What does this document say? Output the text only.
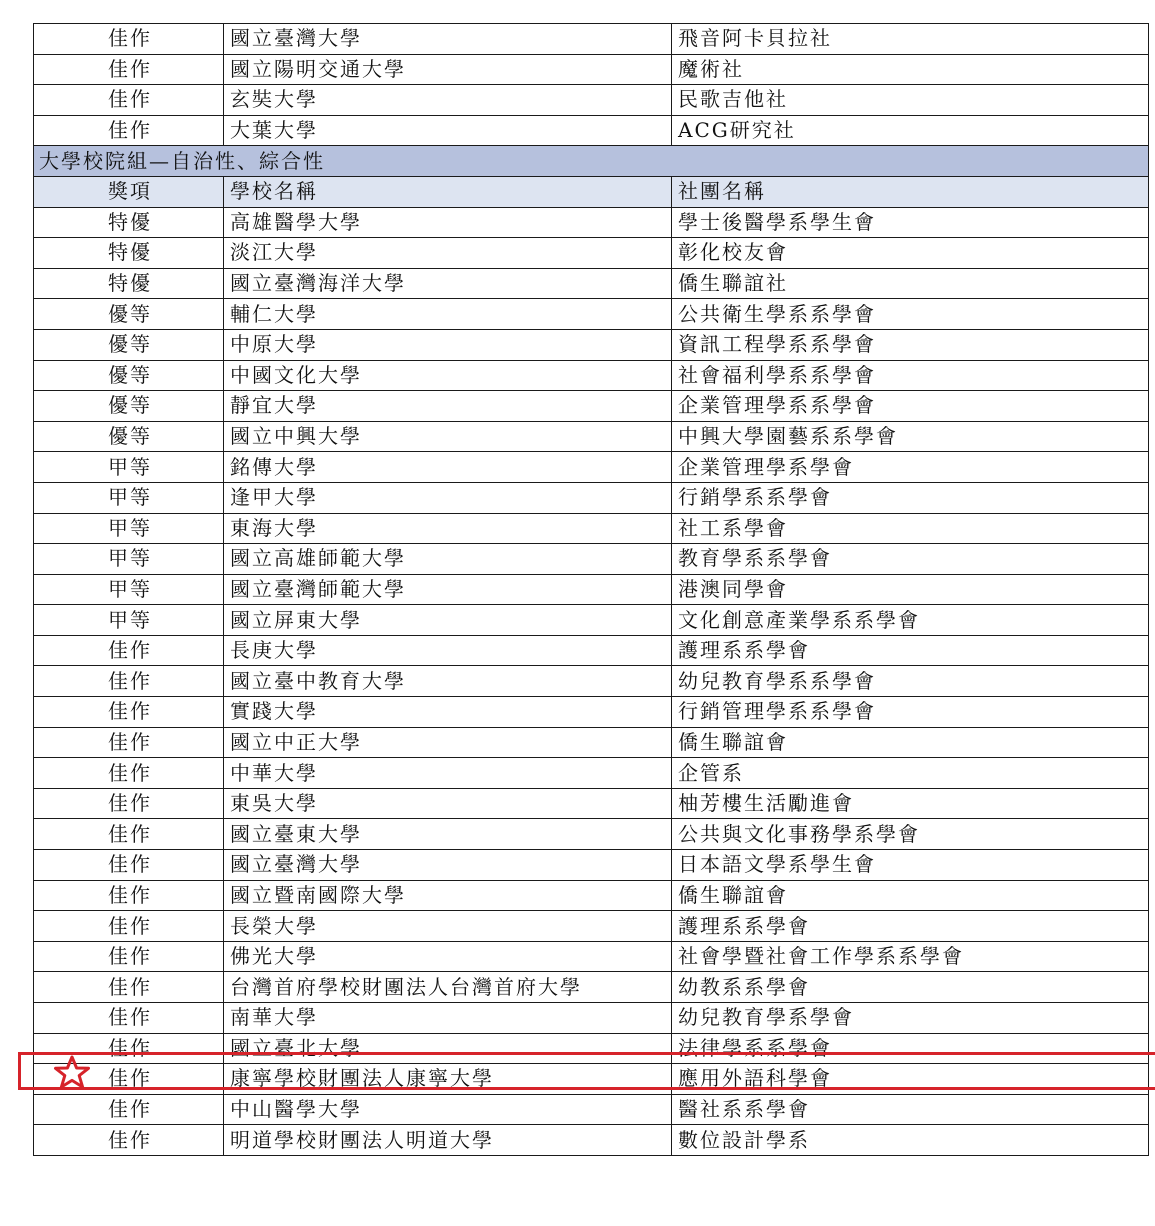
佳作	國立臺灣大學	飛音阿卡貝拉社
佳作	國立陽明交通大學	魔術社
佳作	玄奘大學	民歌吉他社
佳作	大葉大學	ACG研究社
大學校院組—自治性、綜合性		
獎項	學校名稱	社團名稱
特優	高雄醫學大學	學士後醫學系學生會
特優	淡江大學	彰化校友會
特優	國立臺灣海洋大學	僑生聯誼社
優等	輔仁大學	公共衛生學系系學會
優等	中原大學	資訊工程學系系學會
優等	中國文化大學	社會福利學系系學會
優等	靜宜大學	企業管理學系系學會
優等	國立中興大學	中興大學園藝系系學會
甲等	銘傳大學	企業管理學系學會
甲等	逢甲大學	行銷學系系學會
甲等	東海大學	社工系學會
甲等	國立高雄師範大學	教育學系系學會
甲等	國立臺灣師範大學	港澳同學會
甲等	國立屏東大學	文化創意產業學系系學會
佳作	長庚大學	護理系系學會
佳作	國立臺中教育大學	幼兒教育學系系學會
佳作	實踐大學	行銷管理學系系學會
佳作	國立中正大學	僑生聯誼會
佳作	中華大學	企管系
佳作	東吳大學	柚芳樓生活勵進會
佳作	國立臺東大學	公共與文化事務學系學會
佳作	國立臺灣大學	日本語文學系學生會
佳作	國立暨南國際大學	僑生聯誼會
佳作	長榮大學	護理系系學會
佳作	佛光大學	社會學暨社會工作學系系學會
佳作	台灣首府學校財團法人台灣首府大學	幼教系系學會
佳作	南華大學	幼兒教育學系學會
佳作	國立臺北大學	法律學系系學會
佳作	康寧學校財團法人康寧大學	應用外語科學會
佳作	中山醫學大學	醫社系系學會
佳作	明道學校財團法人明道大學	數位設計學系
